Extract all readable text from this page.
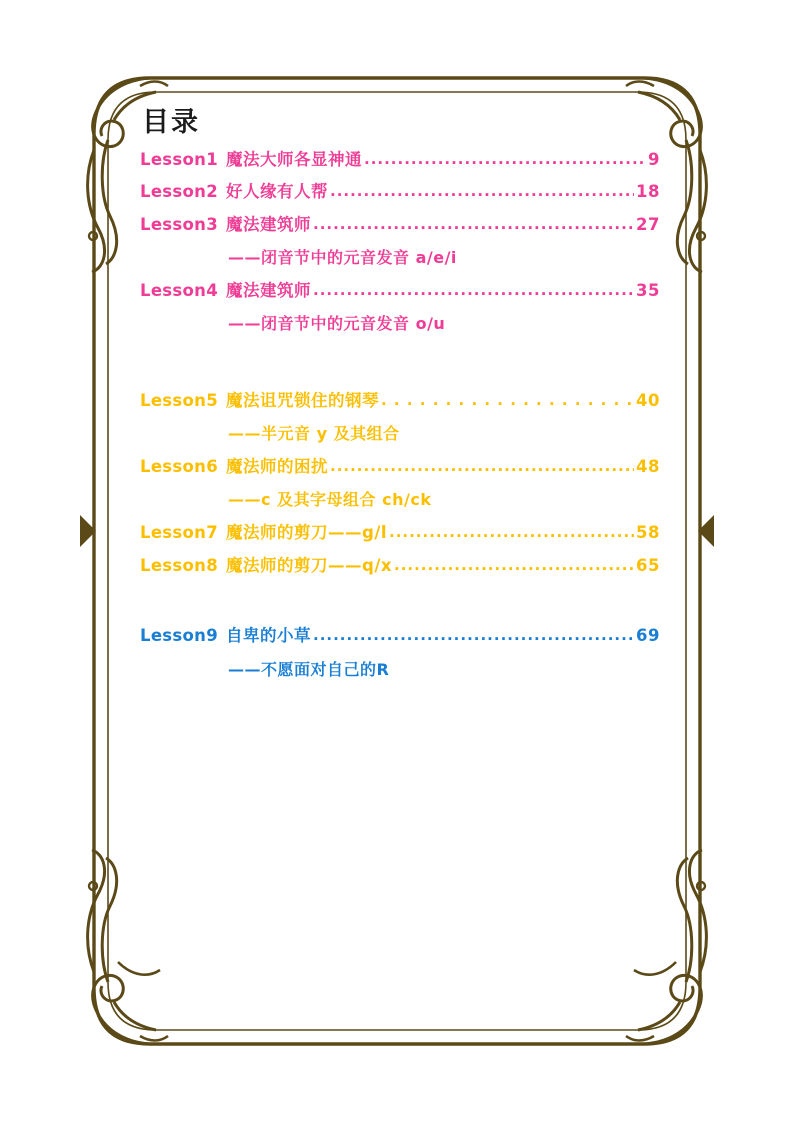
目录
Lesson1 魔法大师各显神通 .....	9
Lesson2 好人缘有人帮 .....	18
Lesson3 魔法建筑师 .....	27
——闭音节中的元音发音 a/e/i
Lesson4 魔法建筑师 .....	35
——闭音节中的元音发音 o/u
Lesson5 魔法诅咒锁住的钢琴 . . .	40
——半元音 y 及其组合
Lesson6 魔法师的困扰 .....	48
——c 及其字母组合 ch/ck
Lesson7 魔法师的剪刀——g/l .....	58
Lesson8 魔法师的剪刀——q/x .....	65
Lesson9 自卑的小草 .....	69
——不愿面对自己的R
